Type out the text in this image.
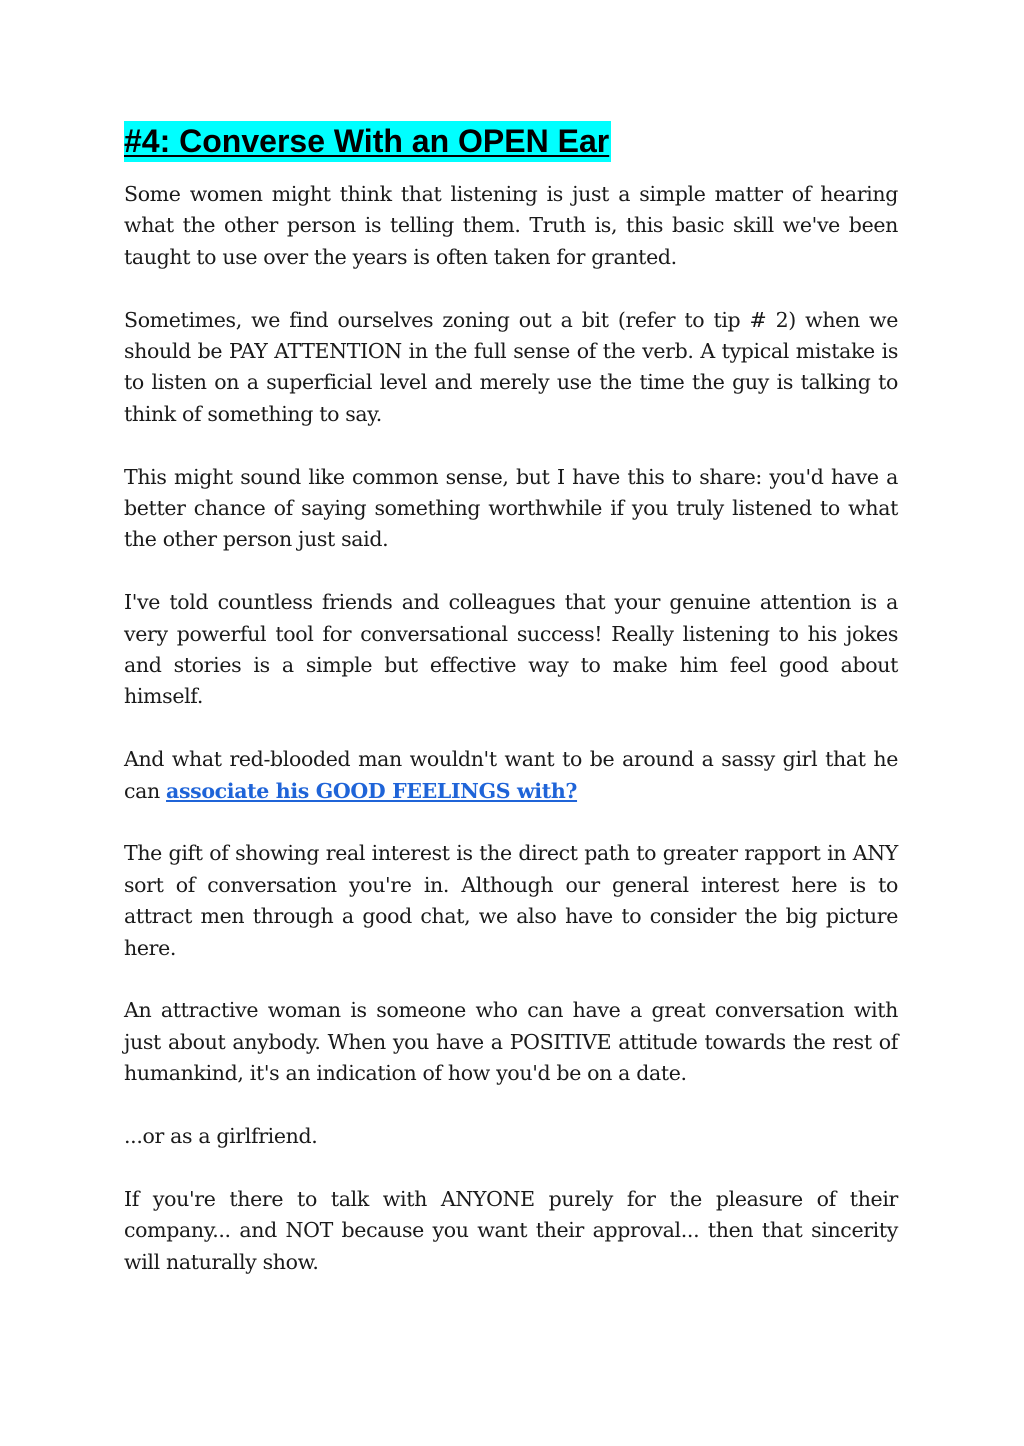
#4: Converse With an OPEN Ear

Some women might think that listening is just a simple matter of hearing what the other person is telling them. Truth is, this basic skill we've been taught to use over the years is often taken for granted.

Sometimes, we find ourselves zoning out a bit (refer to tip # 2) when we should be PAY ATTENTION in the full sense of the verb. A typical mistake is to listen on a superficial level and merely use the time the guy is talking to think of something to say.

This might sound like common sense, but I have this to share: you'd have a better chance of saying something worthwhile if you truly listened to what the other person just said.

I've told countless friends and colleagues that your genuine attention is a very powerful tool for conversational success! Really listening to his jokes and stories is a simple but effective way to make him feel good about himself.

And what red-blooded man wouldn't want to be around a sassy girl that he can associate his GOOD FEELINGS with?

The gift of showing real interest is the direct path to greater rapport in ANY sort of conversation you're in. Although our general interest here is to attract men through a good chat, we also have to consider the big picture here.

An attractive woman is someone who can have a great conversation with just about anybody. When you have a POSITIVE attitude towards the rest of humankind, it's an indication of how you'd be on a date.

...or as a girlfriend.

If you're there to talk with ANYONE purely for the pleasure of their company... and NOT because you want their approval... then that sincerity will naturally show.
